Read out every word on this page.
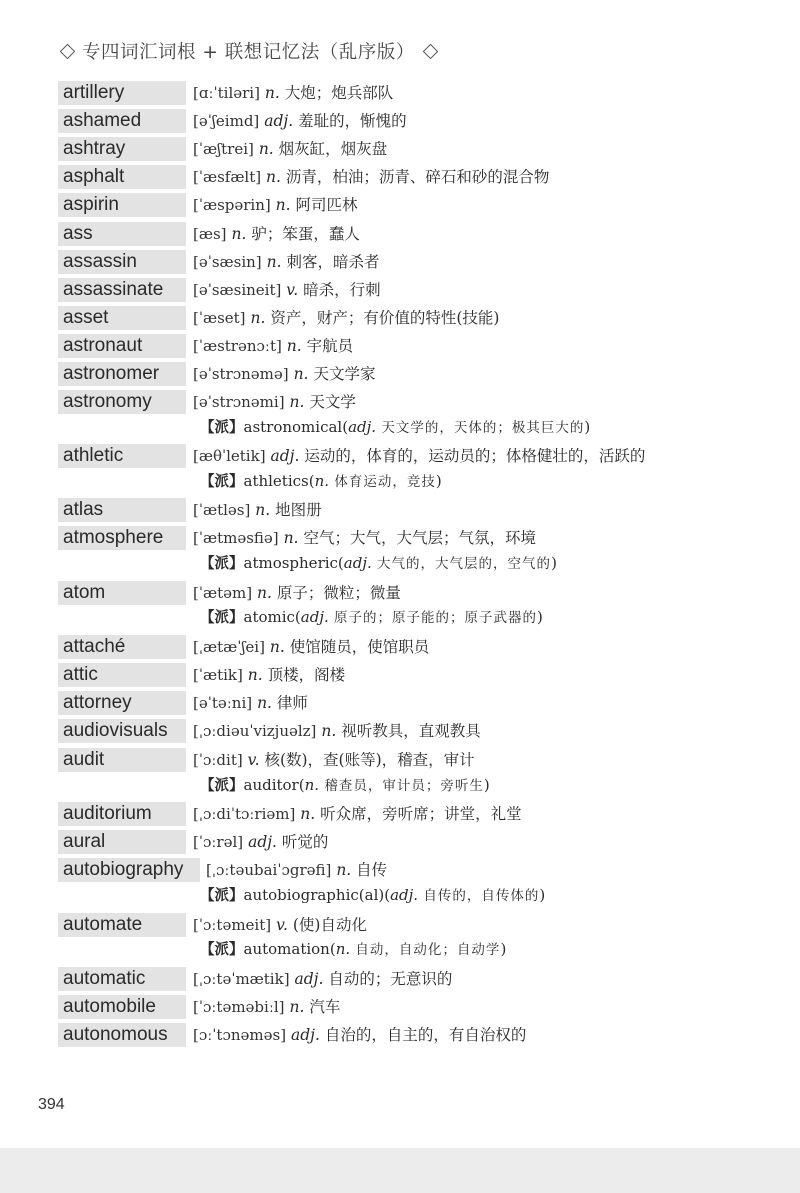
专四词汇词根 + 联想记忆法（乱序版）
artillery	[ɑːˈtiləri] n. 大炮；炮兵部队
ashamed	[əˈʃeimd] adj. 羞耻的，惭愧的
ashtray	[ˈæʃtrei] n. 烟灰缸，烟灰盘
asphalt	[ˈæsfælt] n. 沥青，柏油；沥青、碎石和砂的混合物
aspirin	[ˈæspərin] n. 阿司匹林
ass	[æs] n. 驴；笨蛋，蠢人
assassin	[əˈsæsin] n. 刺客，暗杀者
assassinate	[əˈsæsineit] v. 暗杀，行刺
asset	[ˈæset] n. 资产，财产；有价值的特性(技能)
astronaut	[ˈæstrənɔːt] n. 宇航员
astronomer	[əˈstrɔnəmə] n. 天文学家
astronomy	[əˈstrɔnəmi] n. 天文学
【派】astronomical(adj. 天文学的，天体的；极其巨大的)
athletic	[æθˈletik] adj. 运动的，体育的，运动员的；体格健壮的，活跃的
【派】athletics(n. 体育运动，竞技)
atlas	[ˈætləs] n. 地图册
atmosphere	[ˈætməsfiə] n. 空气；大气，大气层；气氛，环境
【派】atmospheric(adj. 大气的，大气层的，空气的)
atom	[ˈætəm] n. 原子；微粒；微量
【派】atomic(adj. 原子的；原子能的；原子武器的)
attaché	[ˌætæˈʃei] n. 使馆随员，使馆职员
attic	[ˈætik] n. 顶楼，阁楼
attorney	[əˈtəːni] n. 律师
audiovisuals	[ˌɔːdiəuˈvizjuəlz] n. 视听教具，直观教具
audit	[ˈɔːdit] v. 核(数)，查(账等)，稽查，审计
【派】auditor(n. 稽查员，审计员；旁听生)
auditorium	[ˌɔːdiˈtɔːriəm] n. 听众席，旁听席；讲堂，礼堂
aural	[ˈɔːrəl] adj. 听觉的
autobiography	[ˌɔːtəubaiˈɔgrəfi] n. 自传
【派】autobiographic(al)(adj. 自传的，自传体的)
automate	[ˈɔːtəmeit] v. (使)自动化
【派】automation(n. 自动，自动化；自动学)
automatic	[ˌɔːtəˈmætik] adj. 自动的；无意识的
automobile	[ˈɔːtəməbiːl] n. 汽车
autonomous	[ɔːˈtɔnəməs] adj. 自治的，自主的，有自治权的
394
